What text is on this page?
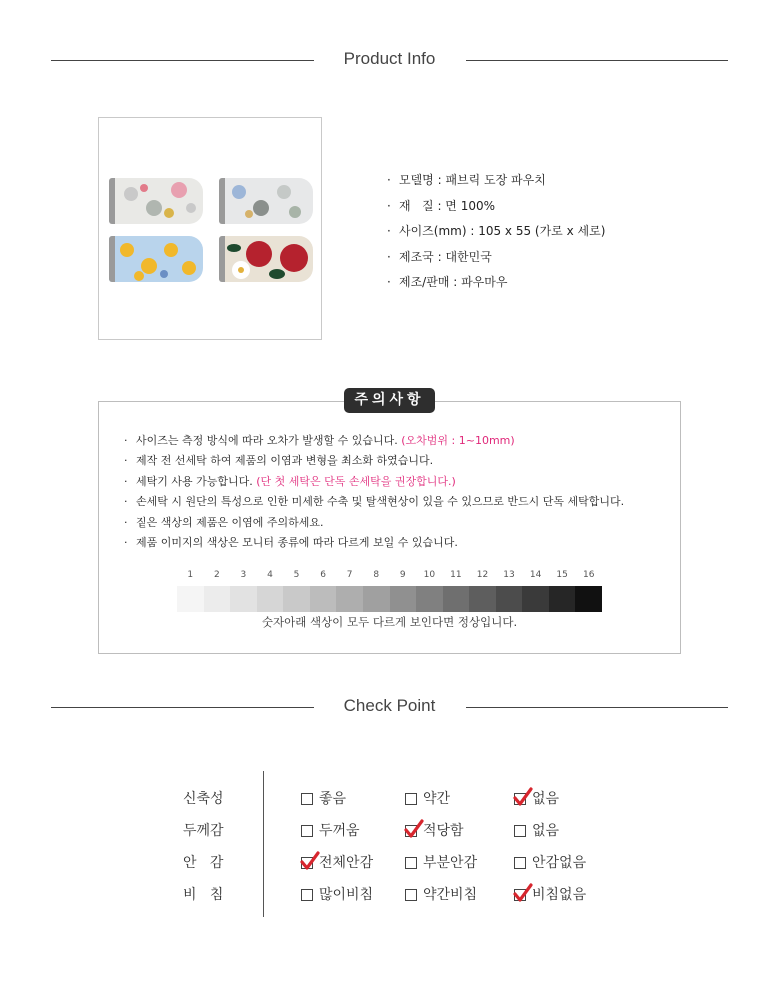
Product Info
· 모델명 : 패브릭 도장 파우치
· 재   질 : 면 100%
· 사이즈(mm) : 105 x 55 (가로 x 세로)
· 제조국 : 대한민국
· 제조/판매 : 파우마우
주의사항
· 사이즈는 측정 방식에 따라 오차가 발생할 수 있습니다. (오차범위 : 1~10mm)
· 제작 전 선세탁 하여 제품의 이염과 변형을 최소화 하였습니다.
· 세탁기 사용 가능합니다. (단 첫 세탁은 단독 손세탁을 권장합니다.)
· 손세탁 시 원단의 특성으로 인한 미세한 수축 및 탈색현상이 있을 수 있으므로 반드시 단독 세탁합니다.
· 짙은 색상의 제품은 이염에 주의하세요.
· 제품 이미지의 색상은 모니터 종류에 따라 다르게 보일 수 있습니다.
1	2	3	4	5	6	7	8	9	10	11	12	13	14	15	16
숫자아래 색상이 모두 다르게 보인다면 정상입니다.
Check Point
신축성	좋음	약간	없음
두께감	두꺼움	적당함	없음
안   감	전체안감	부분안감	안감없음
비   침	많이비침	약간비침	비침없음
